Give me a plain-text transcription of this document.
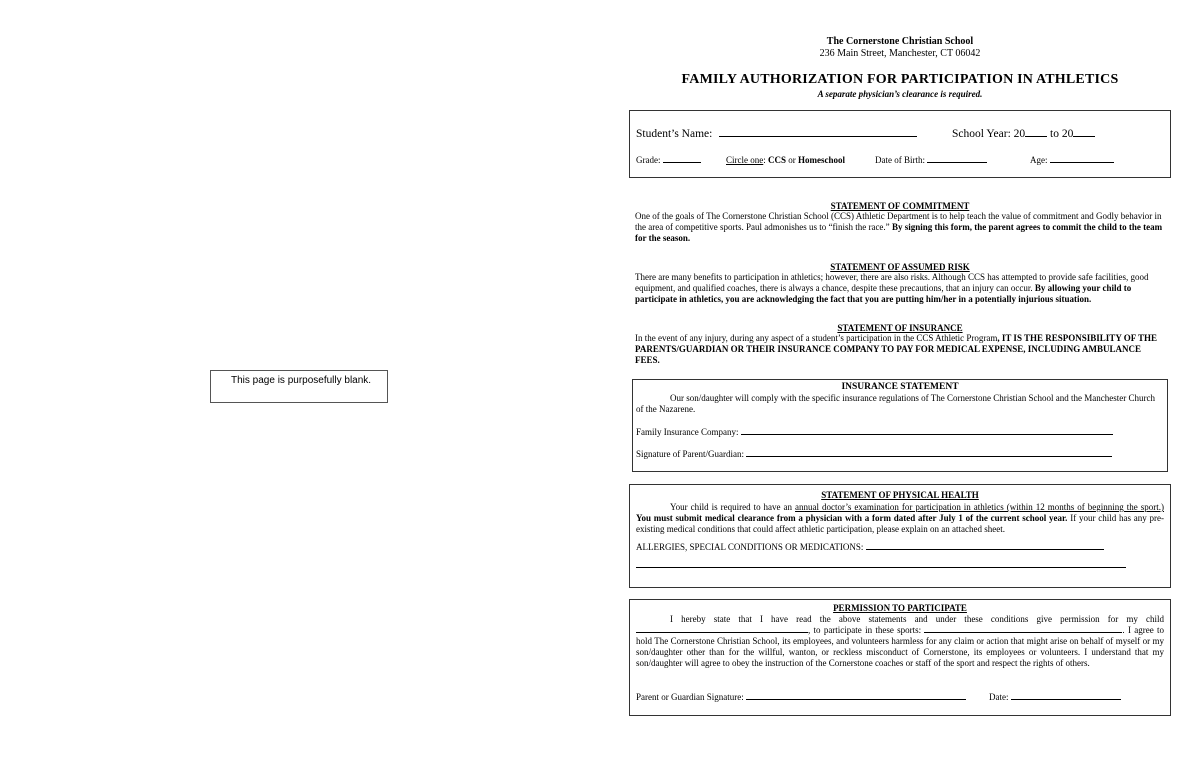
This page is purposefully blank.
The Cornerstone Christian School
236 Main Street, Manchester, CT 06042
FAMILY AUTHORIZATION FOR PARTICIPATION IN ATHLETICS
A separate physician’s clearance is required.
Student’s Name:	School Year: 20 to 20
Grade:	Circle one: CCS or Homeschool	Date of Birth:	Age:
STATEMENT OF COMMITMENT

One of the goals of The Cornerstone Christian School (CCS) Athletic Department is to help teach the value of commitment and Godly behavior in the area of competitive sports. Paul admonishes us to “finish the race.” By signing this form, the parent agrees to commit the child to the team for the season.

STATEMENT OF ASSUMED RISK

There are many benefits to participation in athletics; however, there are also risks. Although CCS has attempted to provide safe facilities, good equipment, and qualified coaches, there is always a chance, despite these precautions, that an injury can occur. By allowing your child to participate in athletics, you are acknowledging the fact that you are putting him/her in a potentially injurious situation.

STATEMENT OF INSURANCE

In the event of any injury, during any aspect of a student’s participation in the CCS Athletic Program, IT IS THE RESPONSIBILITY OF THE PARENTS/GUARDIAN OR THEIR INSURANCE COMPANY TO PAY FOR MEDICAL EXPENSE, INCLUDING AMBULANCE FEES.

INSURANCE STATEMENT

Our son/daughter will comply with the specific insurance regulations of The Cornerstone Christian School and the Manchester Church of the Nazarene.

Family Insurance Company:
Signature of Parent/Guardian:
STATEMENT OF PHYSICAL HEALTH

Your child is required to have an annual doctor’s examination for participation in athletics (within 12 months of beginning the sport.) You must submit medical clearance from a physician with a form dated after July 1 of the current school year. If your child has any pre-existing medical conditions that could affect athletic participation, please explain on an attached sheet.

ALLERGIES, SPECIAL CONDITIONS OR MEDICATIONS:
PERMISSION TO PARTICIPATE

I hereby state that I have read the above statements and under these conditions give permission for my child , to participate in these sports:	. I agree to hold The Cornerstone Christian School, its employees, and volunteers harmless for any claim or action that might arise on behalf of myself or my son/daughter other than for the willful, wanton, or reckless misconduct of Cornerstone, its employees or volunteers. I understand that my son/daughter will agree to obey the instruction of the Cornerstone coaches or staff of the sport and respect the rights of others.

Parent or Guardian Signature:	Date:
